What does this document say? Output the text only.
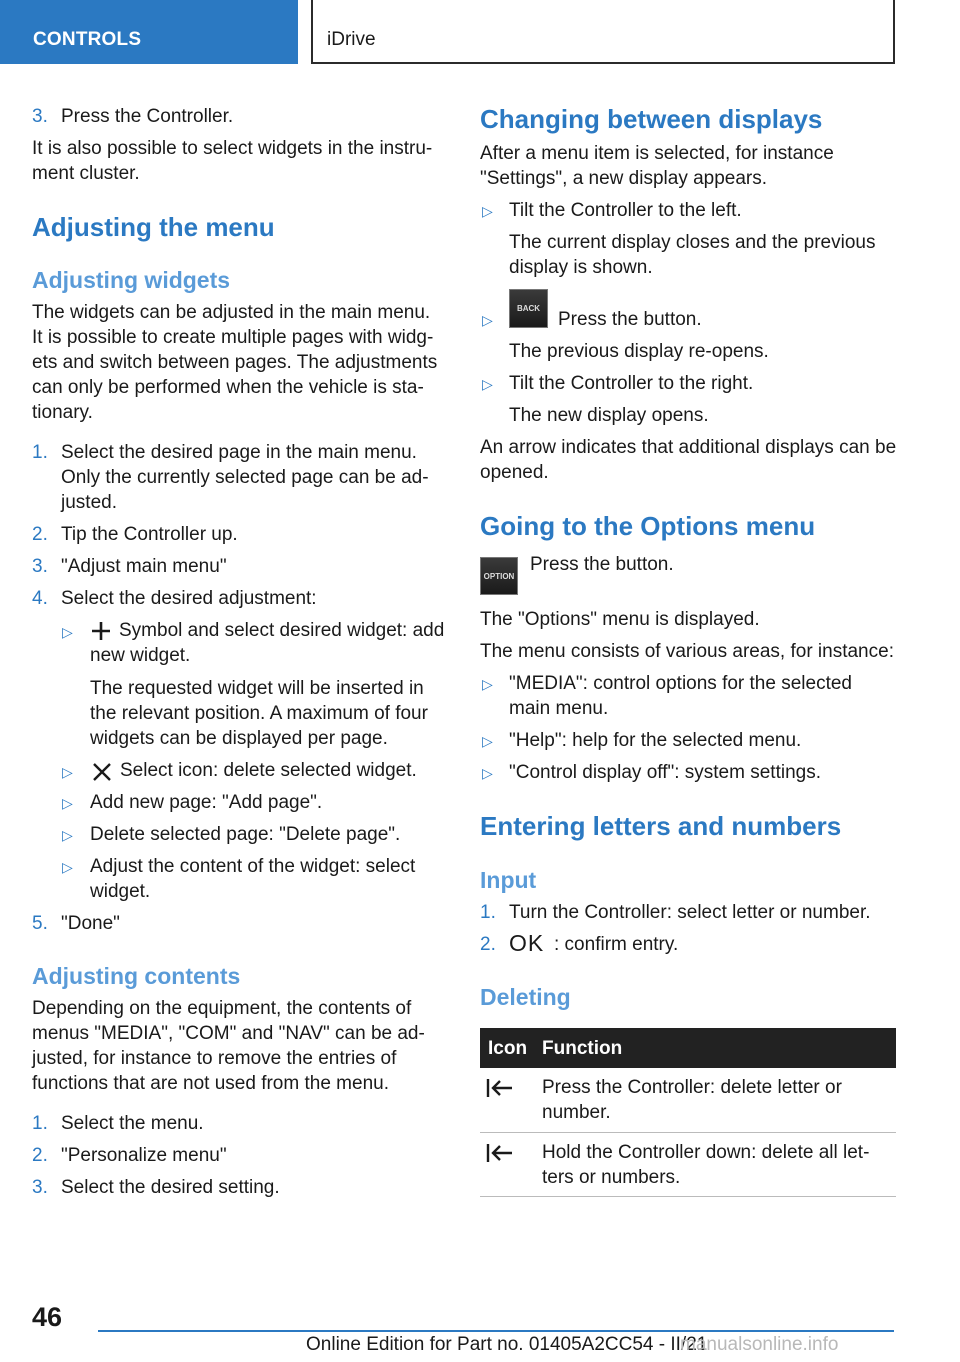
CONTROLS	iDrive
3. Press the Controller.

It is also possible to select widgets in the instru-

ment cluster.

Adjusting the menu
Adjusting widgets

The widgets can be adjusted in the main menu.

It is possible to create multiple pages with widg-

ets and switch between pages. The adjustments

can only be performed when the vehicle is sta-

tionary.

1. Select the desired page in the main menu.

Only the currently selected page can be ad-

justed.

2. Tip the Controller up.

3. "Adjust main menu"

4. Select the desired adjustment:

▷ Symbol and select desired widget: add

new widget.

The requested widget will be inserted in

the relevant position. A maximum of four

widgets can be displayed per page.

▷ Select icon: delete selected widget.

▷ Add new page: "Add page".

▷ Delete selected page: "Delete page".

▷ Adjust the content of the widget: select

widget.

5. "Done"

Adjusting contents

Depending on the equipment, the contents of

menus "MEDIA", "COM" and "NAV" can be ad-

justed, for instance to remove the entries of

functions that are not used from the menu.

1. Select the menu.

2. "Personalize menu"

3. Select the desired setting.

Changing between displays

After a menu item is selected, for instance

"Settings", a new display appears.

▷ Tilt the Controller to the left.

The current display closes and the previous

display is shown.

▷
BACK

Press the button.

The previous display re-opens.

▷ Tilt the Controller to the right.

The new display opens.

An arrow indicates that additional displays can be

opened.

Going to the Options menu
OPTION

Press the button.

The "Options" menu is displayed.

The menu consists of various areas, for instance:

▷ "MEDIA": control options for the selected

main menu.

▷ "Help": help for the selected menu.

▷ "Control display off": system settings.

Entering letters and numbers
Input
1. Turn the Controller: select letter or number.

2. OK : confirm entry.

Deleting
Icon Function

Press the Controller: delete letter or

number.

Hold the Controller down: delete all let-

ters or numbers.

46
Online Edition for Part no. 01405A2CC54 - II/21
manualsonline.info
